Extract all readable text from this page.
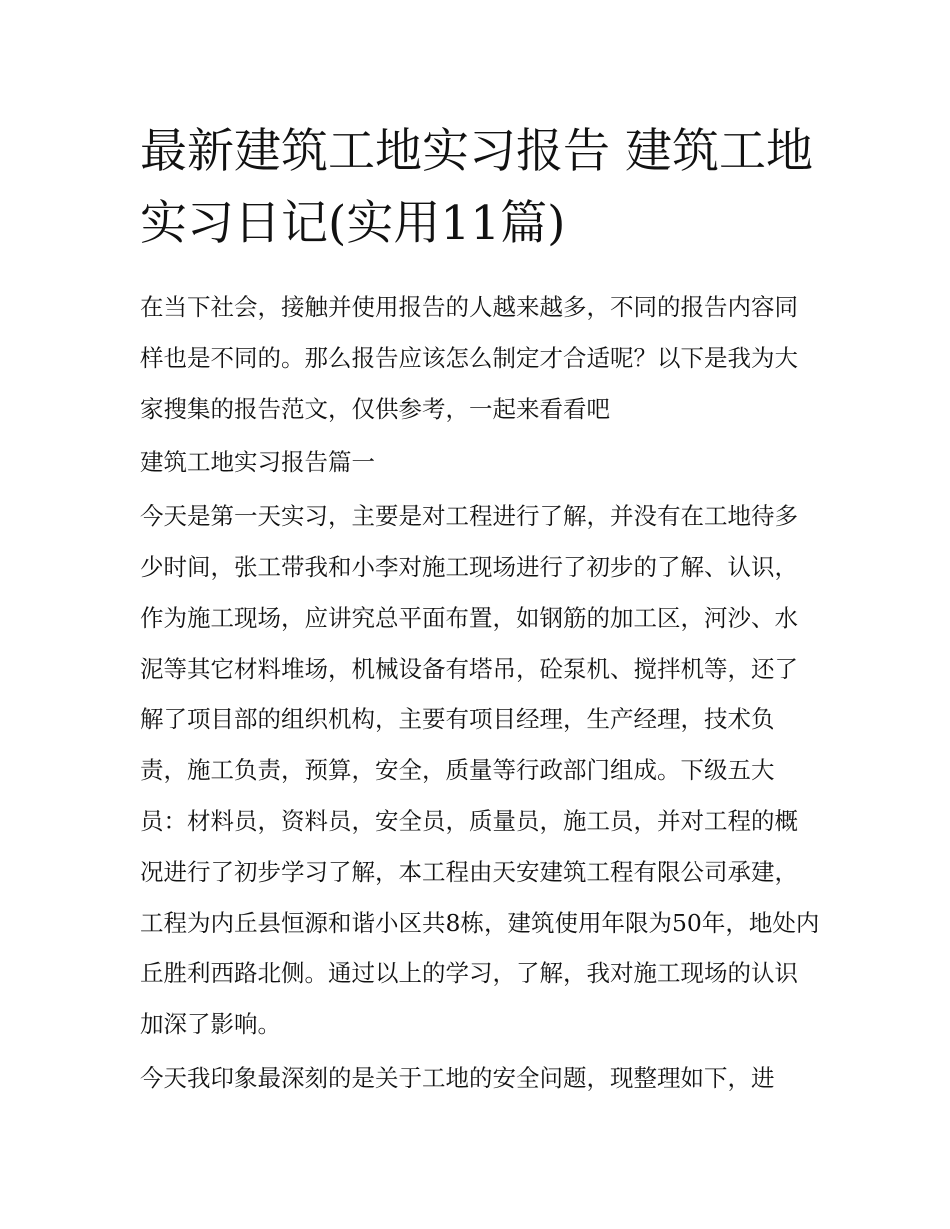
最新建筑工地实习报告 建筑工地实习日记(实用11篇)

在当下社会，接触并使用报告的人越来越多，不同的报告内容同样也是不同的。那么报告应该怎么制定才合适呢？以下是我为大家搜集的报告范文，仅供参考，一起来看看吧

建筑工地实习报告篇一

今天是第一天实习，主要是对工程进行了解，并没有在工地待多少时间，张工带我和小李对施工现场进行了初步的了解、认识，作为施工现场，应讲究总平面布置，如钢筋的加工区，河沙、水泥等其它材料堆场，机械设备有塔吊，砼泵机、搅拌机等，还了解了项目部的组织机构，主要有项目经理，生产经理，技术负责，施工负责，预算，安全，质量等行政部门组成。下级五大员：材料员，资料员，安全员，质量员，施工员，并对工程的概况进行了初步学习了解，本工程由天安建筑工程有限公司承建，工程为内丘县恒源和谐小区共8栋，建筑使用年限为50年，地处内丘胜利西路北侧。通过以上的学习，了解，我对施工现场的认识加深了影响。

今天我印象最深刻的是关于工地的安全问题，现整理如下，进
